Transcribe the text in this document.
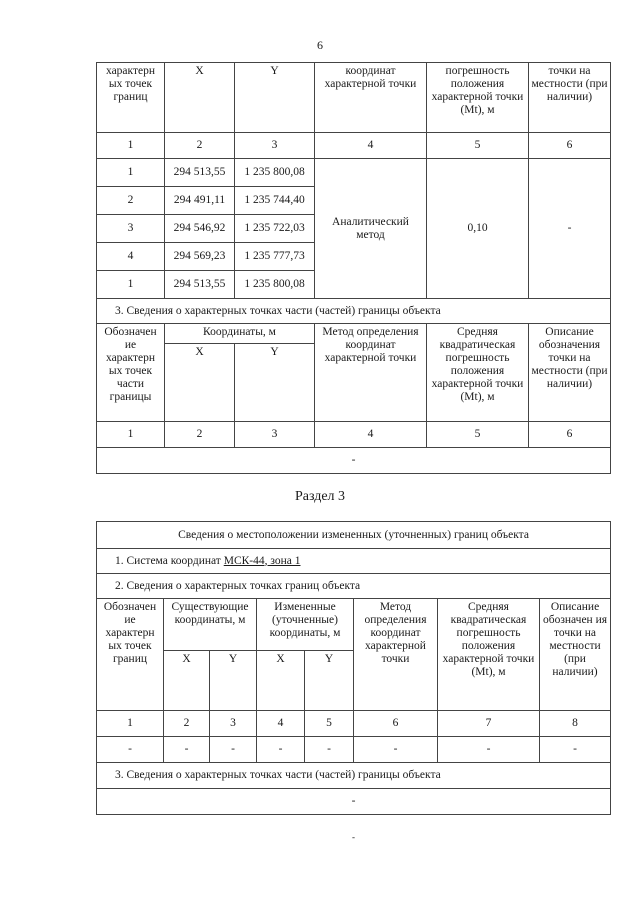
6
характерн ых точек границ	X	Y	координат характерной точки	погрешность положения характерной точки (Mt), м	точки на местности (при наличии)
1	2	3	4	5	6
1	294 513,55	1 235 800,08	Аналитический метод	0,10	-
2	294 491,11	1 235 744,40			
3	294 546,92	1 235 722,03			
4	294 569,23	1 235 777,73			
1	294 513,55	1 235 800,08			
3. Сведения о характерных точках части (частей) границы объекта					
Обозначен ие характерн ых точек части границы	Координаты, м		Метод определения координат характерной точки	Средняя квадратическая погрешность положения характерной точки (Mt), м	Описание обозначения точки на местности (при наличии)
	X	Y			
1	2	3	4	5	6
-					
Раздел 3
Сведения о местоположении измененных (уточненных) границ объекта							
1. Система координат МСК-44, зона 1							
2. Сведения о характерных точках границ объекта							
Обозначен ие характерн ых точек границ	Существующие координаты, м		Измененные (уточненные) координаты, м		Метод определения координат характерной точки	Средняя квадратическая погрешность положения характерной точки (Mt), м	Описание обозначен ия точки на местности (при наличии)
	X	Y	X	Y			
1	2	3	4	5	6	7	8
-	-	-	-	-	-	-	-
3. Сведения о характерных точках части (частей) границы объекта							
-							
-
